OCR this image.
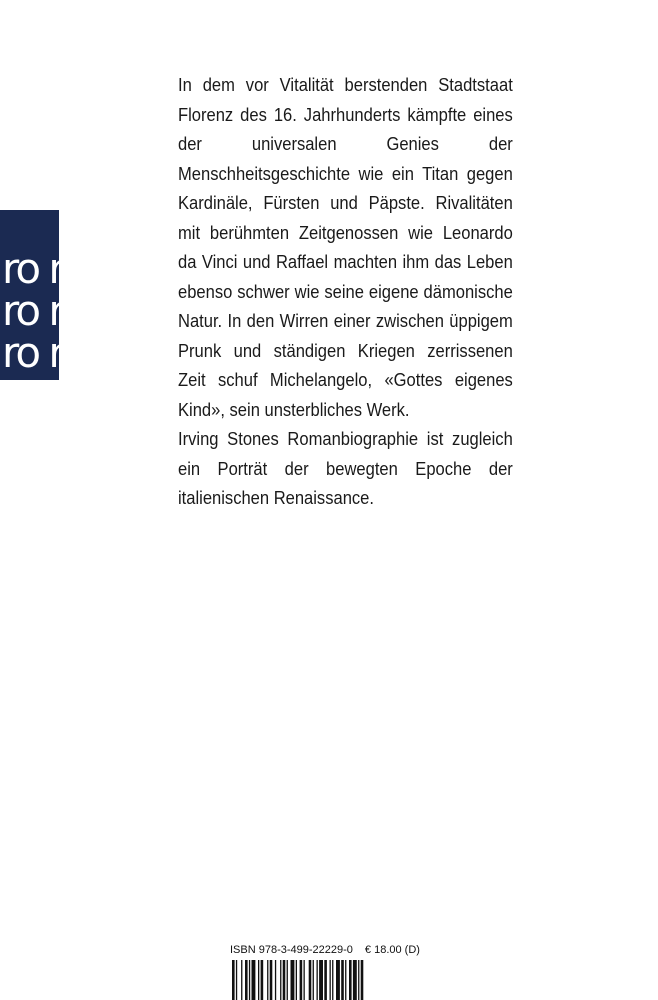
ro ro
ro ro
ro ro

In dem vor Vitalität berstenden Stadtstaat Florenz des 16. Jahrhunderts kämpfte eines der universalen Genies der Menschheitsgeschichte wie ein Titan gegen Kardinäle, Fürsten und Päpste. Rivalitäten mit berühmten Zeitgenossen wie Leonardo da Vinci und Raffael machten ihm das Leben ebenso schwer wie seine eigene dämonische Natur. In den Wirren einer zwischen üppigem Prunk und ständigen Kriegen zerrissenen Zeit schuf Michelangelo, «Gottes eigenes Kind», sein unsterbliches Werk.

Irving Stones Romanbiographie ist zugleich ein Porträt der bewegten Epoche der italienischen Renaissance.

ISBN 978-3-499-22229-0 € 18.00 (D)
